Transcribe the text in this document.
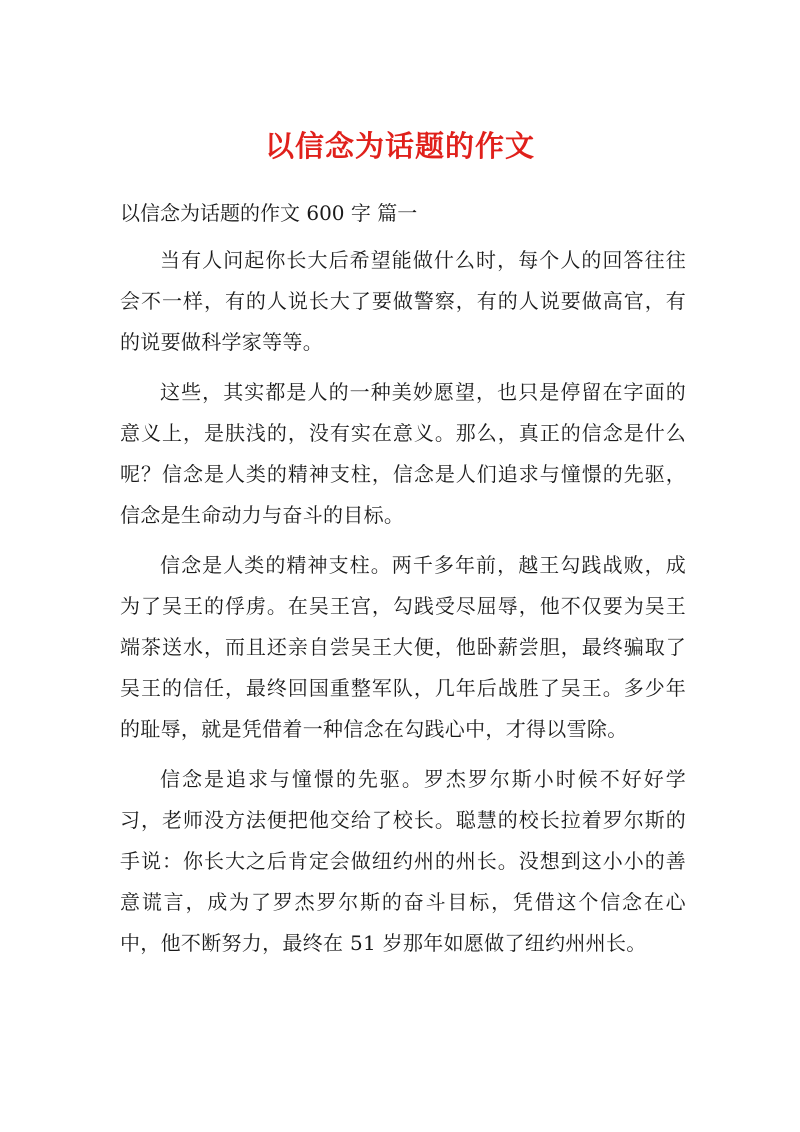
以信念为话题的作文
以信念为话题的作文 600 字 篇一

当有人问起你长大后希望能做什么时，每个人的回答往往会不一样，有的人说长大了要做警察，有的人说要做高官，有的说要做科学家等等。

这些，其实都是人的一种美妙愿望，也只是停留在字面的意义上，是肤浅的，没有实在意义。那么，真正的信念是什么呢？信念是人类的精神支柱，信念是人们追求与憧憬的先驱，信念是生命动力与奋斗的目标。

信念是人类的精神支柱。两千多年前，越王勾践战败，成为了吴王的俘虏。在吴王宫，勾践受尽屈辱，他不仅要为吴王端茶送水，而且还亲自尝吴王大便，他卧薪尝胆，最终骗取了吴王的信任，最终回国重整军队，几年后战胜了吴王。多少年的耻辱，就是凭借着一种信念在勾践心中，才得以雪除。

信念是追求与憧憬的先驱。罗杰罗尔斯小时候不好好学习，老师没方法便把他交给了校长。聪慧的校长拉着罗尔斯的手说：你长大之后肯定会做纽约州的州长。没想到这小小的善意谎言，成为了罗杰罗尔斯的奋斗目标，凭借这个信念在心中，他不断努力，最终在 51 岁那年如愿做了纽约州州长。
